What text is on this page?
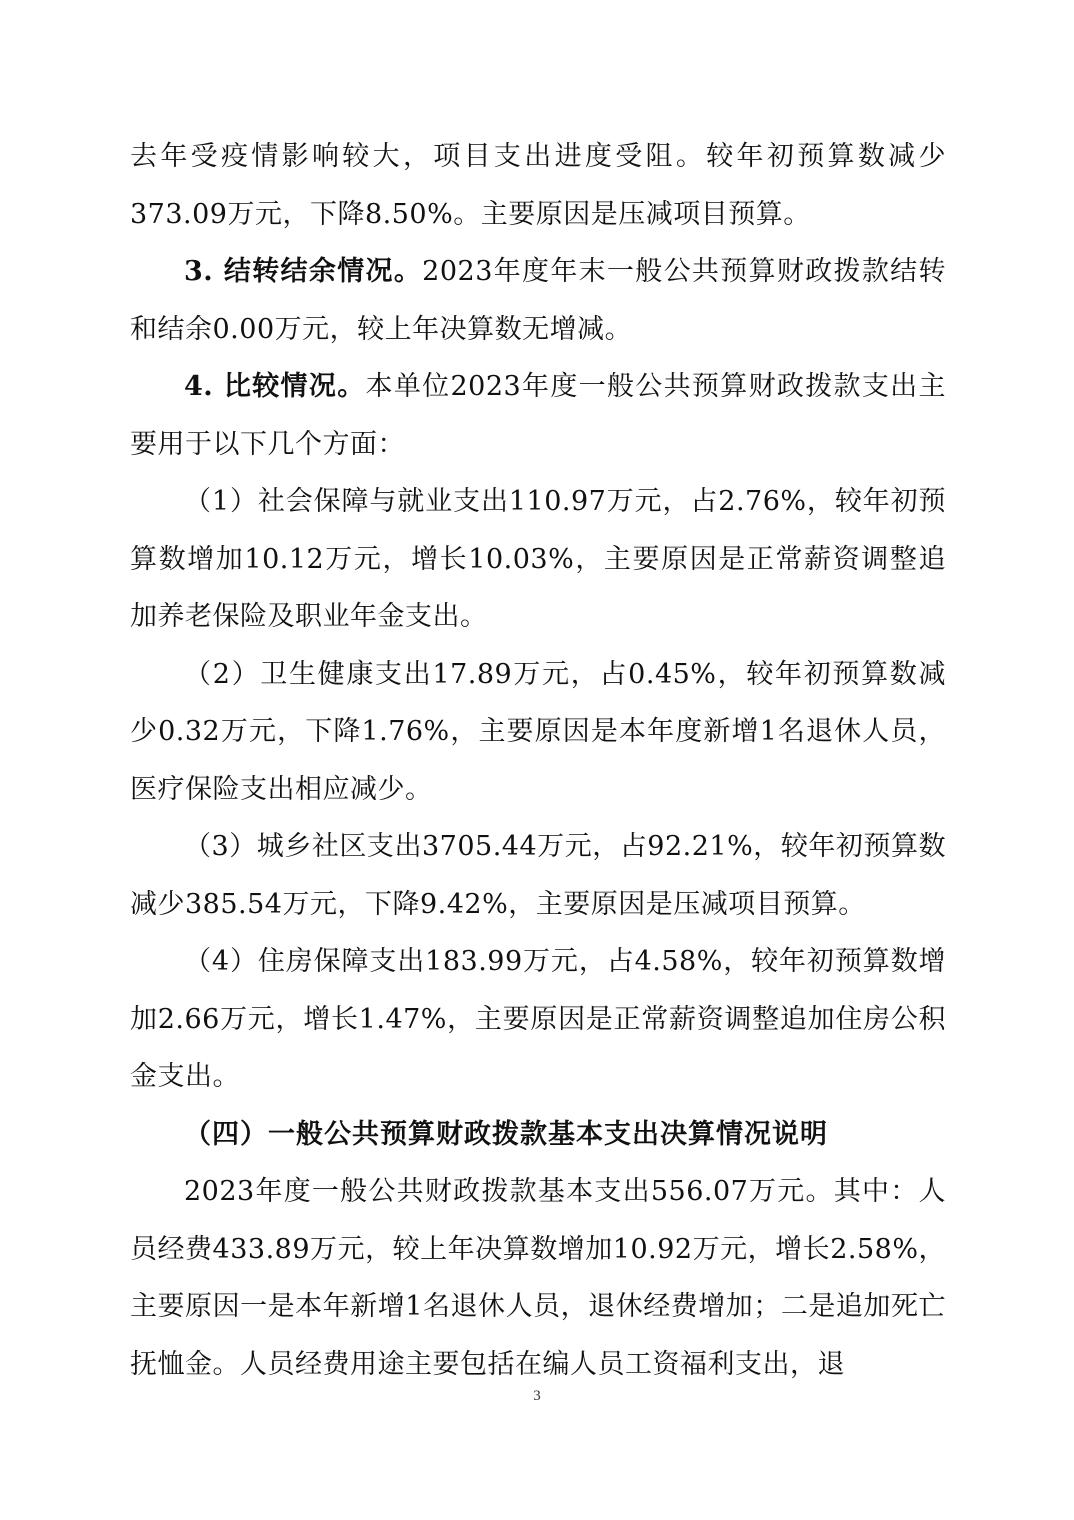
去年受疫情影响较大，项目支出进度受阻。较年初预算数减少373.09万元，下降8.50%。主要原因是压减项目预算。

3. 结转结余情况。2023年度年末一般公共预算财政拨款结转和结余0.00万元，较上年决算数无增减。

4. 比较情况。本单位2023年度一般公共预算财政拨款支出主要用于以下几个方面：

（1）社会保障与就业支出110.97万元，占2.76%，较年初预算数增加10.12万元，增长10.03%，主要原因是正常薪资调整追加养老保险及职业年金支出。

（2）卫生健康支出17.89万元，占0.45%，较年初预算数减少0.32万元，下降1.76%，主要原因是本年度新增1名退休人员，医疗保险支出相应减少。

（3）城乡社区支出3705.44万元，占92.21%，较年初预算数减少385.54万元，下降9.42%，主要原因是压减项目预算。

（4）住房保障支出183.99万元，占4.58%，较年初预算数增加2.66万元，增长1.47%，主要原因是正常薪资调整追加住房公积金支出。

（四）一般公共预算财政拨款基本支出决算情况说明

2023年度一般公共财政拨款基本支出556.07万元。其中：人员经费433.89万元，较上年决算数增加10.92万元，增长2.58%，主要原因一是本年新增1名退休人员，退休经费增加；二是追加死亡抚恤金。人员经费用途主要包括在编人员工资福利支出，退

3
